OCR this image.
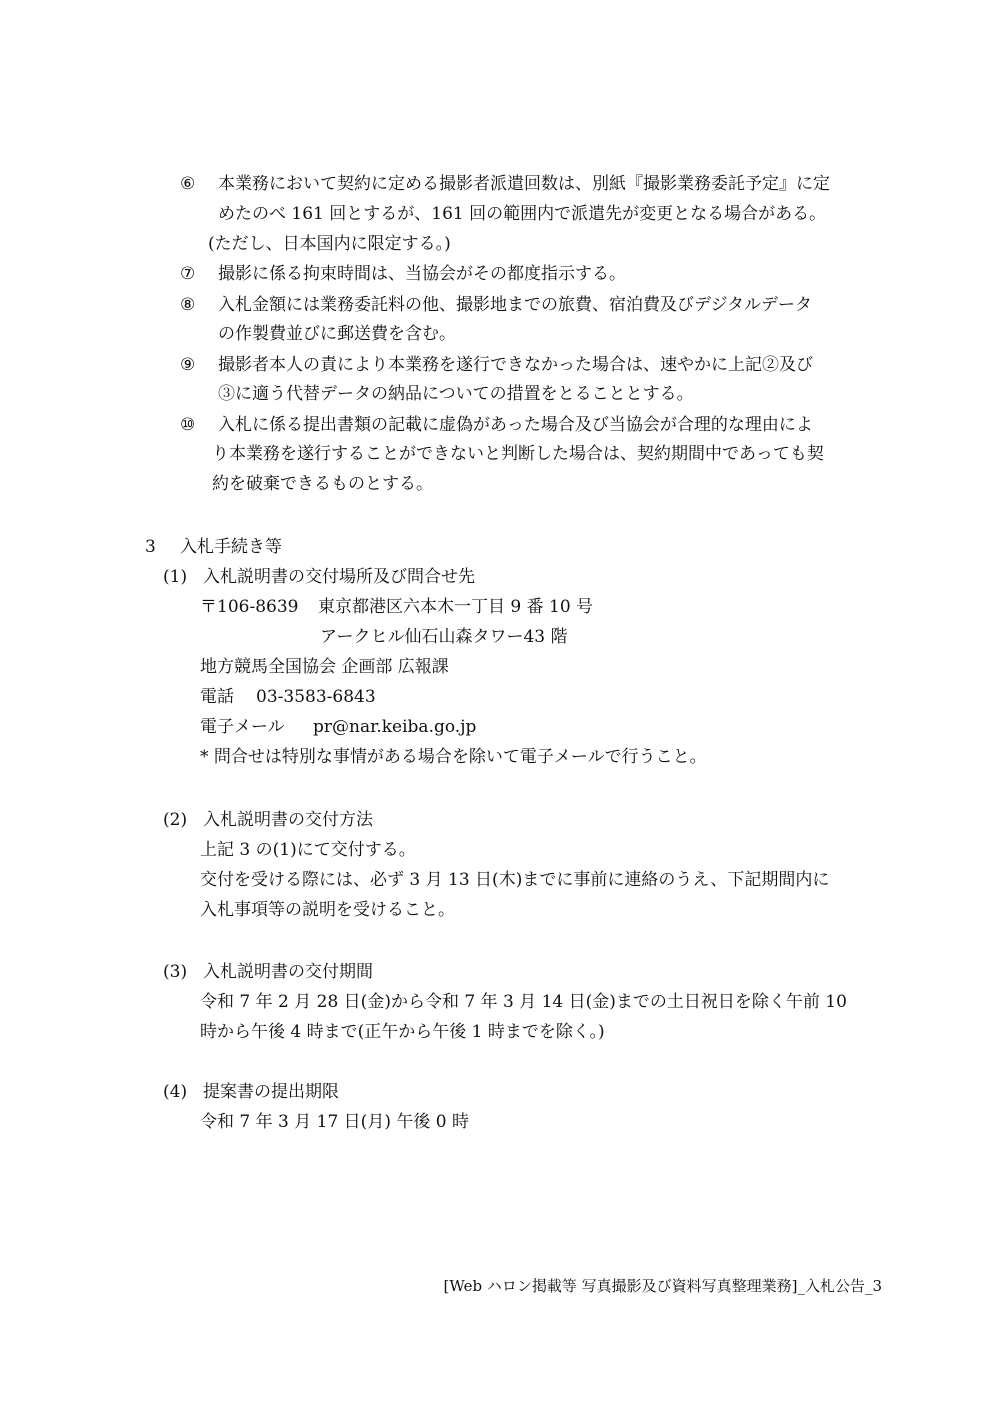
⑥ 本業務において契約に定める撮影者派遣回数は、別紙『撮影業務委託予定』に定
めたのべ 161 回とするが、161 回の範囲内で派遣先が変更となる場合がある。
(ただし、日本国内に限定する。)
⑦ 撮影に係る拘束時間は、当協会がその都度指示する。
⑧ 入札金額には業務委託料の他、撮影地までの旅費、宿泊費及びデジタルデータ
の作製費並びに郵送費を含む。
⑨ 撮影者本人の責により本業務を遂行できなかった場合は、速やかに上記②及び
③に適う代替データの納品についての措置をとることとする。
⑩ 入札に係る提出書類の記載に虚偽があった場合及び当協会が合理的な理由によ
り本業務を遂行することができないと判断した場合は、契約期間中であっても契
約を破棄できるものとする。
3 入札手続き等
(1) 入札説明書の交付場所及び問合せ先
〒106-8639 東京都港区六本木一丁目 9 番 10 号
アークヒル仙石山森タワー43 階
地方競馬全国協会 企画部 広報課
電話 03-3583-6843
電子メール pr@nar.keiba.go.jp
* 問合せは特別な事情がある場合を除いて電子メールで行うこと。
(2) 入札説明書の交付方法
上記 3 の(1)にて交付する。
交付を受ける際には、必ず 3 月 13 日(木)までに事前に連絡のうえ、下記期間内に
入札事項等の説明を受けること。
(3) 入札説明書の交付期間
令和 7 年 2 月 28 日(金)から令和 7 年 3 月 14 日(金)までの土日祝日を除く午前 10
時から午後 4 時まで(正午から午後 1 時までを除く。)
(4) 提案書の提出期限
令和 7 年 3 月 17 日(月) 午後 0 時
[Web ハロン掲載等 写真撮影及び資料写真整理業務]_入札公告_3
